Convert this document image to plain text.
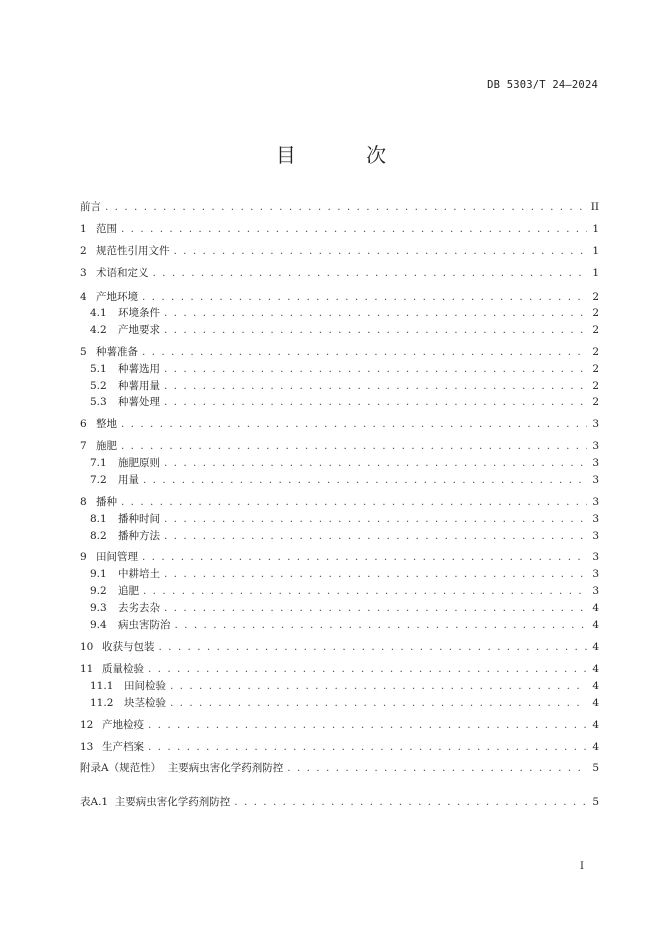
DB 5303/T 24—2024
目 次
前言 . . .	II
1 范围 . . .	1
2 规范性引用文件 . . .	1
3 术语和定义 . . .	1
4 产地环境 . . .	2
4.1	环境条件 . . .	2
4.2	产地要求 . . .	2
5 种薯准备 . . .	2
5.1	种薯选用 . . .	2
5.2	种薯用量 . . .	2
5.3	种薯处理 . . .	2
6 整地 . . .	3
7 施肥 . . .	3
7.1	施肥原则 . . .	3
7.2	用量 . . .	3
8 播种 . . .	3
8.1	播种时间 . . .	3
8.2	播种方法 . . .	3
9 田间管理 . . .	3
9.1	中耕培土 . . .	3
9.2	追肥 . . .	3
9.3	去劣去杂 . . .	4
9.4	病虫害防治 . . .	4
10 收获与包装 . . .	4
11 质量检验 . . .	4
11.1	田间检验 . . .	4
11.2	块茎检验 . . .	4
12 产地检疫 . . .	4
13 生产档案 . . .	4
附录A（规范性）  主要病虫害化学药剂防控 . . .	5
表A.1  主要病虫害化学药剂防控 . . .	5
I
